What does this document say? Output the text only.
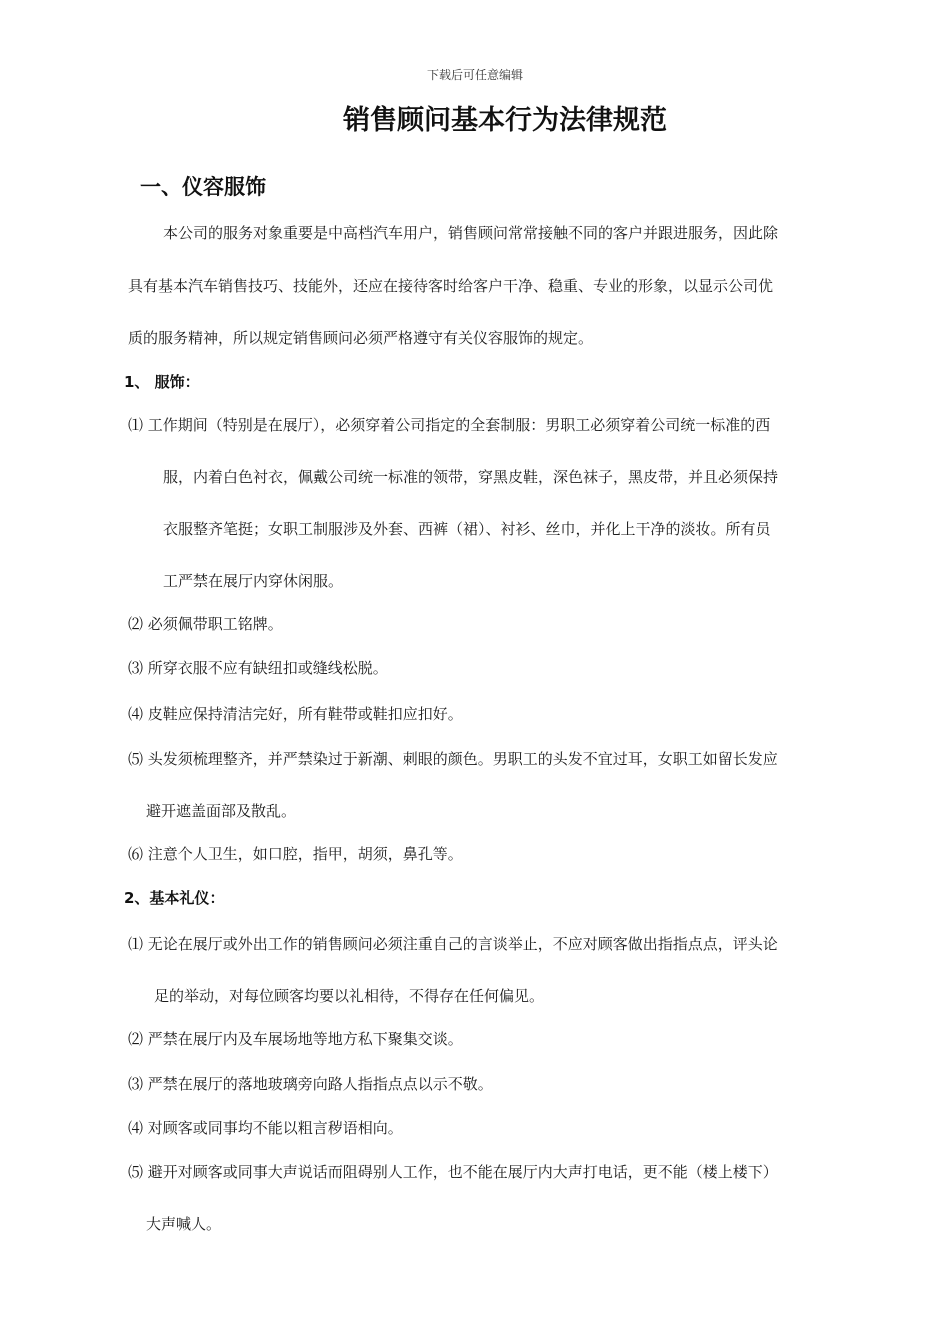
下载后可任意编辑
销售顾问基本行为法律规范
一、仪容服饰
本公司的服务对象重要是中高档汽车用户，销售顾问常常接触不同的客户并跟进服务，因此除
具有基本汽车销售技巧、技能外，还应在接待客时给客户干净、稳重、专业的形象，以显示公司优
质的服务精神，所以规定销售顾问必须严格遵守有关仪容服饰的规定。
1、 服饰：
⑴ 工作期间（特别是在展厅），必须穿着公司指定的全套制服：男职工必须穿着公司统一标准的西
服，内着白色衬衣，佩戴公司统一标准的领带，穿黑皮鞋，深色袜子，黑皮带，并且必须保持
衣服整齐笔挺；女职工制服涉及外套、西裤（裙）、衬衫、丝巾，并化上干净的淡妆。所有员
工严禁在展厅内穿休闲服。
⑵ 必须佩带职工铭牌。
⑶ 所穿衣服不应有缺纽扣或缝线松脱。
⑷ 皮鞋应保持清洁完好，所有鞋带或鞋扣应扣好。
⑸ 头发须梳理整齐，并严禁染过于新潮、刺眼的颜色。男职工的头发不宜过耳，女职工如留长发应
避开遮盖面部及散乱。
⑹ 注意个人卫生，如口腔，指甲，胡须，鼻孔等。
2、基本礼仪：
⑴ 无论在展厅或外出工作的销售顾问必须注重自己的言谈举止，不应对顾客做出指指点点，评头论
足的举动，对每位顾客均要以礼相待，不得存在任何偏见。
⑵ 严禁在展厅内及车展场地等地方私下聚集交谈。
⑶ 严禁在展厅的落地玻璃旁向路人指指点点以示不敬。
⑷ 对顾客或同事均不能以粗言秽语相向。
⑸ 避开对顾客或同事大声说话而阻碍别人工作，也不能在展厅内大声打电话，更不能（楼上楼下）
大声喊人。
